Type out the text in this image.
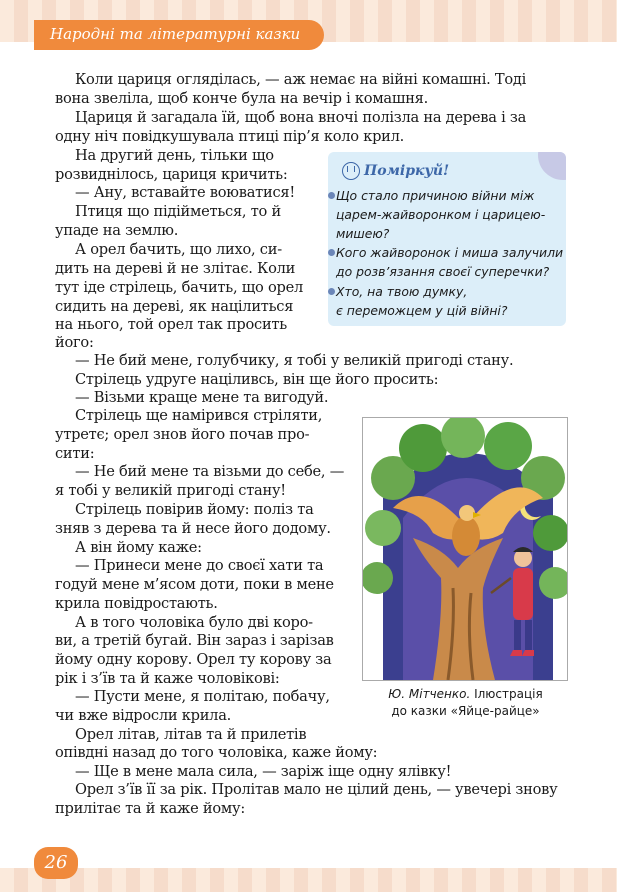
Народні та літературні казки
Коли цариця огляділась, — аж немає на війні комашні. Тоді
вона звеліла, щоб конче була на вечір і комашня.
Цариця й загадала їй, щоб вона вночі полізла на дерева і за
одну ніч повідкушувала птиці пір’я коло крил.
На другий день, тільки що
розвиднілось, цариця кричить:
— Ану, вставайте воюватися!
Птиця що підійметься, то й
упаде на землю.
А орел бачить, що лихо, си-
дить на дереві й не злітає. Коли
тут іде стрілець, бачить, що орел
сидить на дереві, як націлиться
на нього, той орел так просить
його:
— Не бий мене, голубчику, я тобі у великій пригоді стану.
Стрілець удруге націливсь, він ще його просить:
— Візьми краще мене та вигодуй.
Стрілець ще намірився стріляти,
утретє; орел знов його почав про-
сити:
— Не бий мене та візьми до себе, —
я тобі у великій пригоді стану!
Стрілець повірив йому: поліз та
зняв з дерева та й несе його додому.
А він йому каже:
— Принеси мене до своєї хати та
годуй мене м’ясом доти, поки в мене
крила повідростають.
А в того чоловіка було дві коро-
ви, а третій бугай. Він зараз і зарізав
йому одну корову. Орел ту корову за
рік і з’їв та й каже чоловікові:
— Пусти мене, я політаю, побачу,
чи вже відросли крила.
Орел літав, літав та й прилетів
опівдні назад до того чоловіка, каже йому:
— Ще в мене мала сила, — заріж іще одну ялівку!
Орел з’їв її за рік. Пролітав мало не цілий день, — увечері знову
прилітає та й каже йому:
Поміркуй!
Що стало причиною війни між
царем-жайворонком і царицею-
мишею?
Кого жайворонок і миша залучили
до розв’язання своєї суперечки?
Хто, на твою думку,
є переможцем у цій війні?
Ю. Мітченко. Ілюстрація
до казки «Яйце-райце»
26
